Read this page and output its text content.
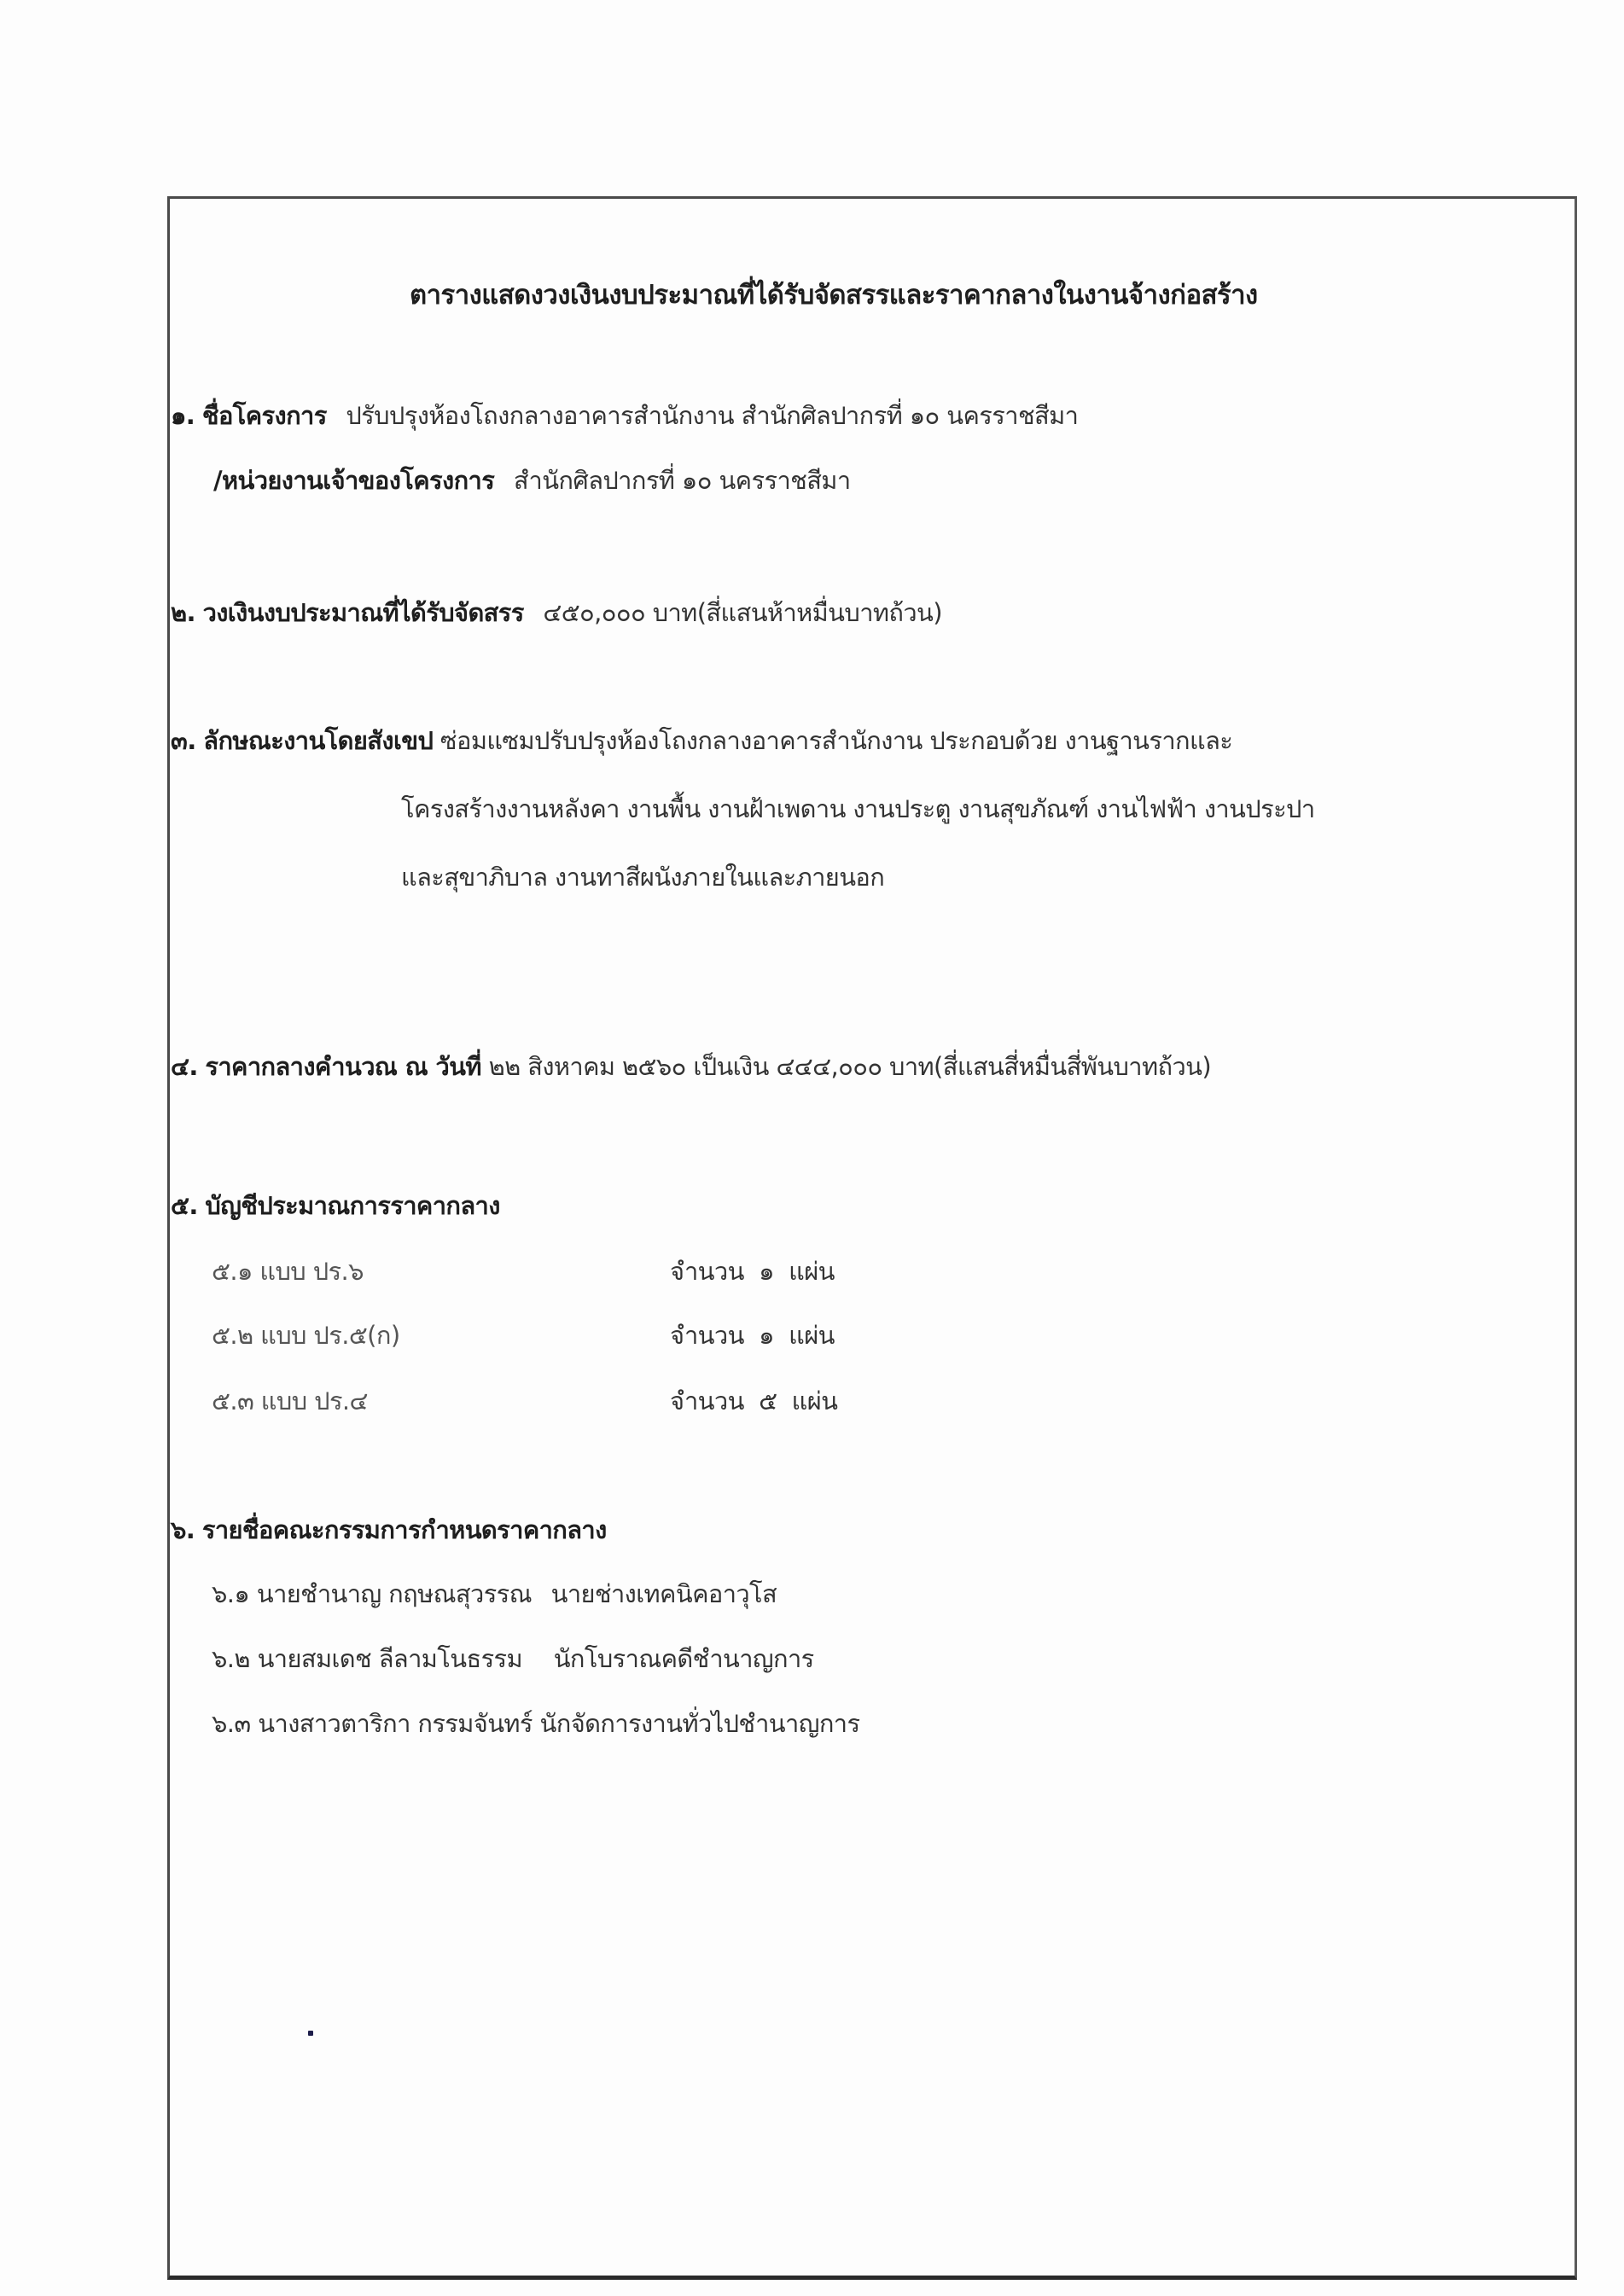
ตารางแสดงวงเงินงบประมาณที่ได้รับจัดสรรและราคากลางในงานจ้างก่อสร้าง
๑. ชื่อโครงการ ปรับปรุงห้องโถงกลางอาคารสำนักงาน สำนักศิลปากรที่ ๑๐ นครราชสีมา
/หน่วยงานเจ้าของโครงการ สำนักศิลปากรที่ ๑๐ นครราชสีมา
๒. วงเงินงบประมาณที่ได้รับจัดสรร ๔๕๐,๐๐๐ บาท(สี่แสนห้าหมื่นบาทถ้วน)
๓. ลักษณะงานโดยสังเขป ซ่อมแซมปรับปรุงห้องโถงกลางอาคารสำนักงาน ประกอบด้วย งานฐานรากและ
โครงสร้างงานหลังคา งานพื้น งานฝ้าเพดาน งานประตู งานสุขภัณฑ์ งานไฟฟ้า งานประปา
และสุขาภิบาล งานทาสีผนังภายในและภายนอก
๔. ราคากลางคำนวณ ณ วันที่ ๒๒ สิงหาคม ๒๕๖๐ เป็นเงิน ๔๔๔,๐๐๐ บาท(สี่แสนสี่หมื่นสี่พันบาทถ้วน)
๕. บัญชีประมาณการราคากลาง
๕.๑ แบบ ปร.๖	จำนวน ๑ แผ่น
๕.๒ แบบ ปร.๕(ก)	จำนวน ๑ แผ่น
๕.๓ แบบ ปร.๔	จำนวน ๕ แผ่น
๖. รายชื่อคณะกรรมการกำหนดราคากลาง
๖.๑ นายชำนาญ กฤษณสุวรรณ นายช่างเทคนิคอาวุโส
๖.๒ นายสมเดช ลีลามโนธรรม นักโบราณคดีชำนาญการ
๖.๓ นางสาวตาริกา กรรมจันทร์ นักจัดการงานทั่วไปชำนาญการ
